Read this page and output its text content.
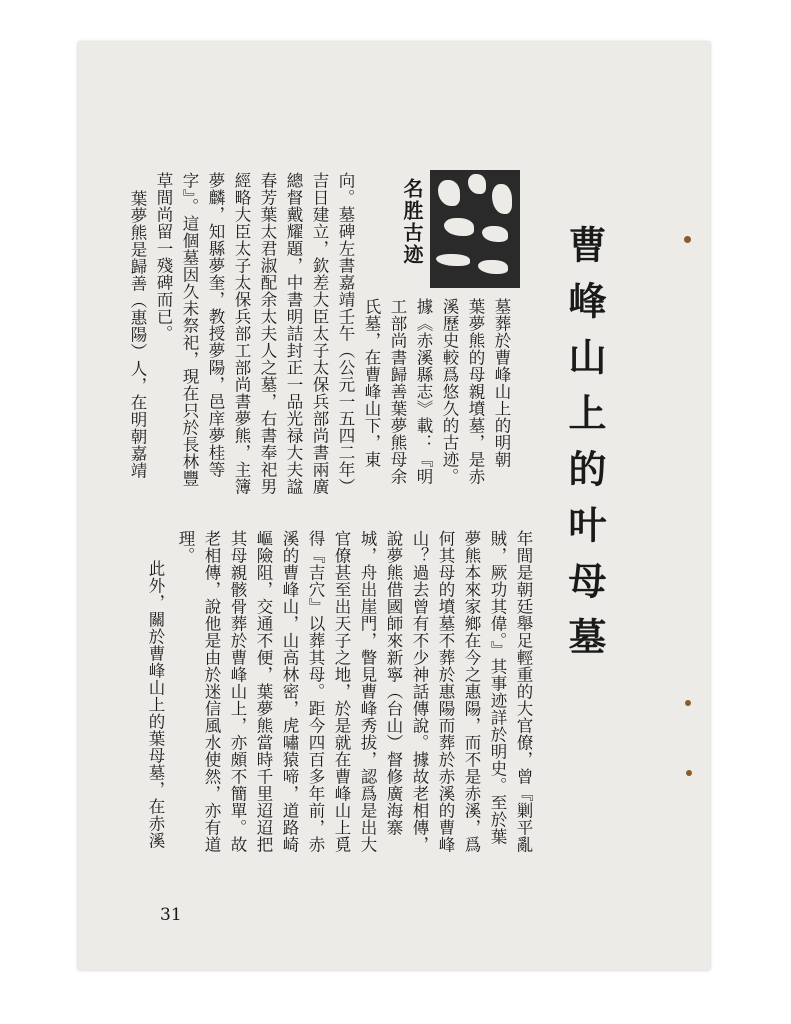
曹峰山上的叶母墓
名胜古迹
墓葬於曹峰山上的明朝
葉夢熊的母親墳墓，是赤
溪歷史較爲悠久的古迹。
據《赤溪縣志》載：『明
工部尚書歸善葉夢熊母余
氏墓，在曹峰山下，東
向。墓碑左書嘉靖壬午（公元一五四二年）
吉日建立，欽差大臣太子太保兵部尚書兩廣
總督戴耀題，中書明詰封正一品光禄大夫諡
春芳葉太君淑配余太夫人之墓，右書奉祀男
經略大臣太子太保兵部工部尚書夢熊，主簿
夢麟，知縣夢奎，教授夢陽，邑庠夢桂等
字』。這個墓因久未祭祀，現在只於長林豐
草間尚留一殘碑而已。
葉夢熊是歸善（惠陽）人，在明朝嘉靖
年間是朝廷舉足輕重的大官僚，曾『剿平亂
賊，厥功其偉。』其事迹詳於明史。至於葉
夢熊本來家鄉在今之惠陽，而不是赤溪，爲
何其母的墳墓不葬於惠陽而葬於赤溪的曹峰
山？過去曾有不少神話傳說。據故老相傳，
說夢熊借國師來新寧（台山）督修廣海寨
城，舟出崖門，瞥見曹峰秀拔，認爲是出大
官僚甚至出天子之地，於是就在曹峰山上覓
得『吉穴』以葬其母。距今四百多年前，赤
溪的曹峰山，山高林密，虎嘯猿啼，道路崎
嶇險阻，交通不便，葉夢熊當時千里迢迢把
其母親骸骨葬於曹峰山上，亦頗不簡單。故
老相傳，說他是由於迷信風水使然，亦有道
理。
此外，關於曹峰山上的葉母墓，在赤溪
31
